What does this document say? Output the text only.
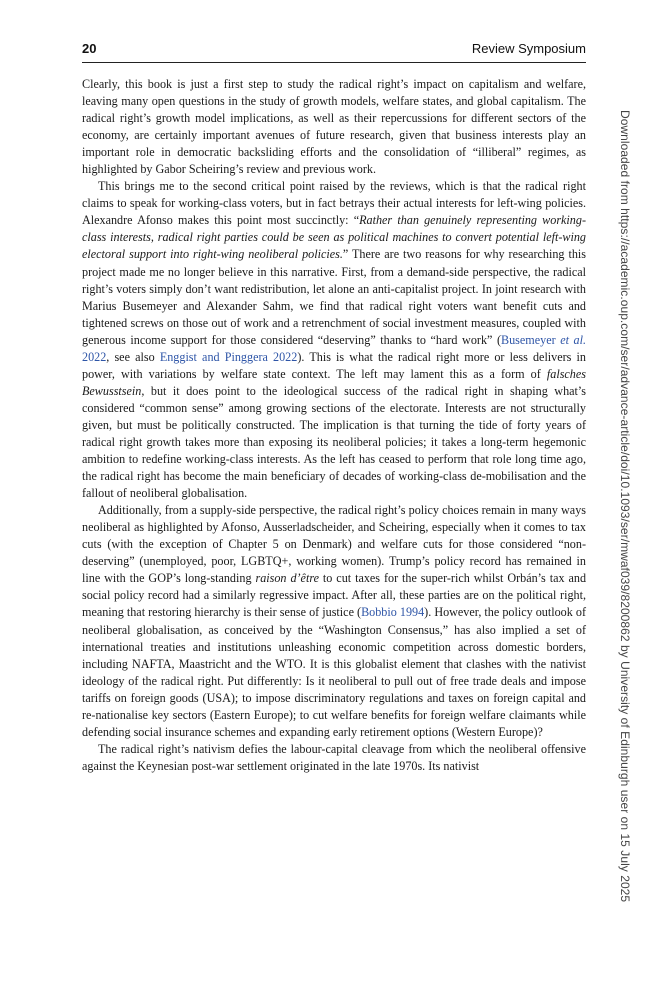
20	Review Symposium

Clearly, this book is just a first step to study the radical right’s impact on capitalism and welfare, leaving many open questions in the study of growth models, welfare states, and global capitalism. The radical right’s growth model implications, as well as their repercussions for different sectors of the economy, are certainly important avenues of future research, given that business interests play an important role in democratic backsliding efforts and the consolidation of “illiberal” regimes, as highlighted by Gabor Scheiring’s review and previous work.

This brings me to the second critical point raised by the reviews, which is that the radical right claims to speak for working-class voters, but in fact betrays their actual interests for left-wing policies. Alexandre Afonso makes this point most succinctly: “Rather than genuinely representing working-class interests, radical right parties could be seen as political machines to convert potential left-wing electoral support into right-wing neoliberal policies.” There are two reasons for why researching this project made me no longer believe in this narrative. First, from a demand-side perspective, the radical right’s voters simply don’t want redistribution, let alone an anti-capitalist project. In joint research with Marius Busemeyer and Alexander Sahm, we find that radical right voters want benefit cuts and tightened screws on those out of work and a retrenchment of social investment measures, coupled with generous income support for those considered “deserving” thanks to “hard work” (Busemeyer et al. 2022, see also Enggist and Pinggera 2022). This is what the radical right more or less delivers in power, with variations by welfare state context. The left may lament this as a form of falsches Bewusstsein, but it does point to the ideological success of the radical right in shaping what’s considered “common sense” among growing sections of the electorate. Interests are not structurally given, but must be politically constructed. The implication is that turning the tide of forty years of radical right growth takes more than exposing its neoliberal policies; it takes a long-term hegemonic ambition to redefine working-class interests. As the left has ceased to perform that role long time ago, the radical right has become the main beneficiary of decades of working-class de-mobilisation and the fallout of neoliberal globalisation.

Additionally, from a supply-side perspective, the radical right’s policy choices remain in many ways neoliberal as highlighted by Afonso, Ausserladscheider, and Scheiring, especially when it comes to tax cuts (with the exception of Chapter 5 on Denmark) and welfare cuts for those considered “non-deserving” (unemployed, poor, LGBTQ+, working women). Trump’s policy record has remained in line with the GOP’s long-standing raison d’être to cut taxes for the super-rich whilst Orbán’s tax and social policy record had a similarly regressive impact. After all, these parties are on the political right, meaning that restoring hierarchy is their sense of justice (Bobbio 1994). However, the policy outlook of neoliberal globalisation, as conceived by the “Washington Consensus,” has also implied a set of international treaties and institutions unleashing economic competition across domestic borders, including NAFTA, Maastricht and the WTO. It is this globalist element that clashes with the nativist ideology of the radical right. Put differently: Is it neoliberal to pull out of free trade deals and impose tariffs on foreign goods (USA); to impose discriminatory regulations and taxes on foreign capital and re-nationalise key sectors (Eastern Europe); to cut welfare benefits for foreign welfare claimants while defending social insurance schemes and expanding early retirement options (Western Europe)?

The radical right’s nativism defies the labour-capital cleavage from which the neoliberal offensive against the Keynesian post-war settlement originated in the late 1970s. Its nativist	Downloaded from https://academic.oup.com/ser/advance-article/doi/10.1093/ser/mwaf039/8200862 by University of Edinburgh user on 15 July 2025
